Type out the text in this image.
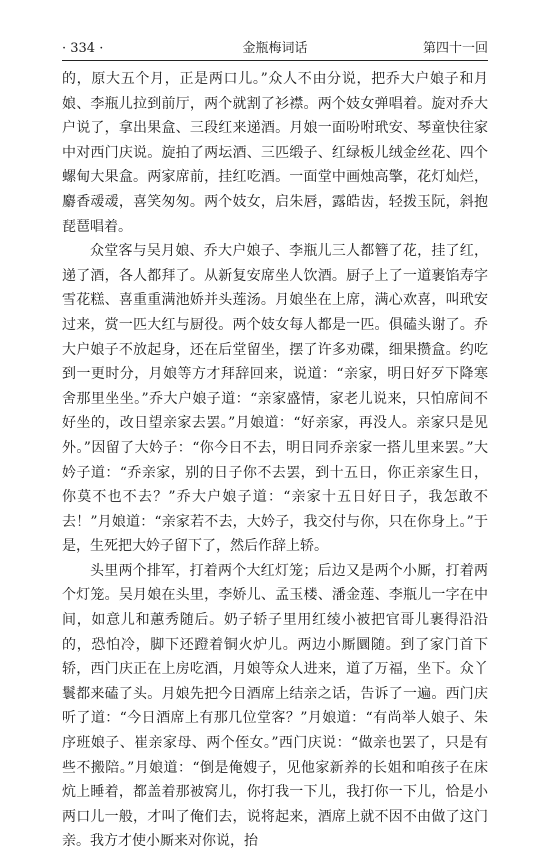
· 334 ·	金瓶梅词话	第四十一回

的，原大五个月，正是两口儿。”众人不由分说，把乔大户娘子和月娘、李瓶儿拉到前厅，两个就割了衫襟。两个妓女弹唱着。旋对乔大户说了，拿出果盒、三段红来递酒。月娘一面吩咐玳安、琴童快往家中对西门庆说。旋拍了两坛酒、三匹缎子、红绿板儿绒金丝花、四个螺甸大果盒。两家席前，挂红吃酒。一面堂中画烛高擎，花灯灿烂，麝香叆叆，喜笑匆匆。两个妓女，启朱唇，露皓齿，轻拨玉阮，斜抱琵琶唱着。

众堂客与吴月娘、乔大户娘子、李瓶儿三人都簪了花，挂了红，递了酒，各人都拜了。从新复安席坐人饮酒。厨子上了一道裹馅寿字雪花糕、喜重重满池娇并头莲汤。月娘坐在上席，满心欢喜，叫玳安过来，赏一匹大红与厨役。两个妓女每人都是一匹。俱磕头谢了。乔大户娘子不放起身，还在后堂留坐，摆了许多劝碟，细果攒盒。约吃到一更时分，月娘等方才拜辞回来，说道：“亲家，明日好歹下降寒舍那里坐坐。”乔大户娘子道：“亲家盛情，家老儿说来，只怕席间不好坐的，改日望亲家去罢。”月娘道：“好亲家，再没人。亲家只是见外。”因留了大妗子：“你今日不去，明日同乔亲家一搭儿里来罢。”大妗子道：“乔亲家，别的日子你不去罢，到十五日，你正亲家生日，你莫不也不去？”乔大户娘子道：“亲家十五日好日子，我怎敢不去！”月娘道：“亲家若不去，大妗子，我交付与你，只在你身上。”于是，生死把大妗子留下了，然后作辞上轿。

头里两个排军，打着两个大红灯笼；后边又是两个小厮，打着两个灯笼。吴月娘在头里，李娇儿、孟玉楼、潘金莲、李瓶儿一字在中间，如意儿和蕙秀随后。奶子轿子里用红绫小被把官哥儿裹得沿沿的，恐怕冷，脚下还蹬着铜火炉儿。两边小厮圜随。到了家门首下轿，西门庆正在上房吃酒，月娘等众人进来，道了万福，坐下。众丫鬟都来磕了头。月娘先把今日酒席上结亲之话，告诉了一遍。西门庆听了道：“今日酒席上有那几位堂客？”月娘道：“有尚举人娘子、朱序班娘子、崔亲家母、两个侄女。”西门庆说：“做亲也罢了，只是有些不搬陪。”月娘道：“倒是俺嫂子，见他家新养的长姐和咱孩子在床炕上睡着，都盖着那被窝儿，你打我一下儿，我打你一下儿，恰是小两口儿一般，才叫了俺们去，说将起来，酒席上就不因不由做了这门亲。我方才使小厮来对你说，抬
